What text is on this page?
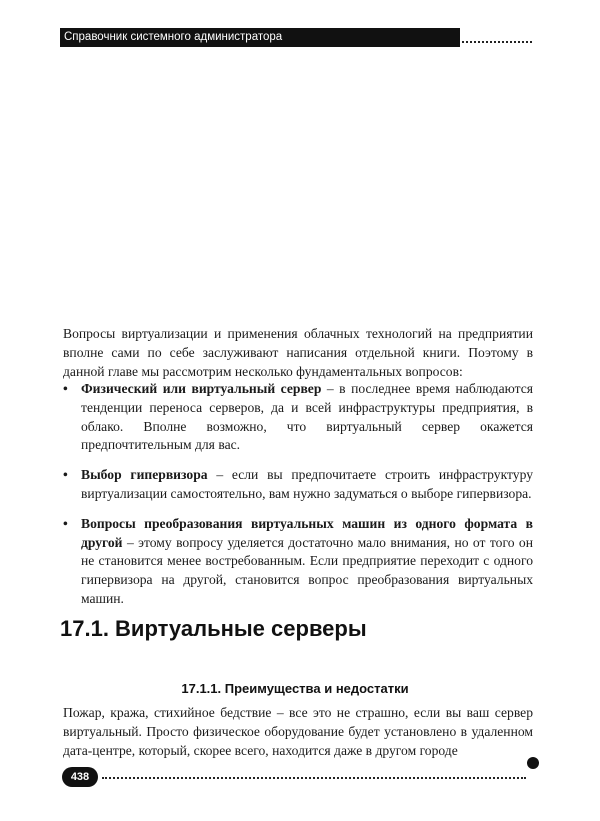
Справочник системного администратора

Вопросы виртуализации и применения облачных технологий на предприятии вполне сами по себе заслуживают написания отдельной книги. Поэтому в данной главе мы рассмотрим несколько фундаментальных вопросов:

• Физический или виртуальный сервер – в последнее время наблюдаются тенденции переноса серверов, да и всей инфраструктуры предприятия, в облако. Вполне возможно, что виртуальный сервер окажется предпочтительным для вас.
• Выбор гипервизора – если вы предпочитаете строить инфраструктуру виртуализации самостоятельно, вам нужно задуматься о выборе гипервизора.
• Вопросы преобразования виртуальных машин из одного формата в другой – этому вопросу уделяется достаточно мало внимания, но от того он не становится менее востребованным. Если предприятие переходит с одного гипервизора на другой, становится вопрос преобразования виртуальных машин.
17.1. Виртуальные серверы
17.1.1. Преимущества и недостатки

Пожар, кража, стихийное бедствие – все это не страшно, если вы ваш сервер виртуальный. Просто физическое оборудование будет установлено в удаленном дата-центре, который, скорее всего, находится даже в другом городе

438
